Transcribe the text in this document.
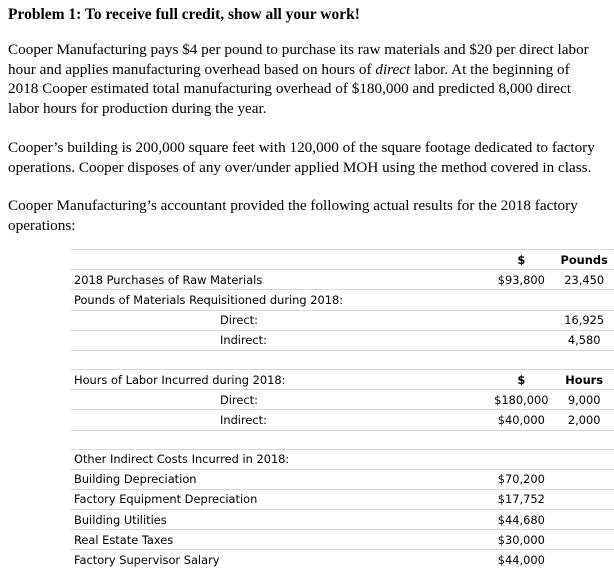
Problem 1: To receive full credit, show all your work!
Cooper Manufacturing pays $4 per pound to purchase its raw materials and $20 per direct labor
hour and applies manufacturing overhead based on hours of direct labor. At the beginning of
2018 Cooper estimated total manufacturing overhead of $180,000 and predicted 8,000 direct
labor hours for production during the year.
Cooper’s building is 200,000 square feet with 120,000 of the square footage dedicated to factory
operations. Cooper disposes of any over/under applied MOH using the method covered in class.
Cooper Manufacturing’s accountant provided the following actual results for the 2018 factory
operations:
	$	Pounds
2018 Purchases of Raw Materials	$93,800	23,450
Pounds of Materials Requisitioned during 2018:		
Direct:		16,925
Indirect:		4,580

Hours of Labor Incurred during 2018:	$	Hours
Direct:	$180,000	9,000
Indirect:	$40,000	2,000

Other Indirect Costs Incurred in 2018:		
Building Depreciation	$70,200	
Factory Equipment Depreciation	$17,752	
Building Utilities	$44,680	
Real Estate Taxes	$30,000	
Factory Supervisor Salary	$44,000	
